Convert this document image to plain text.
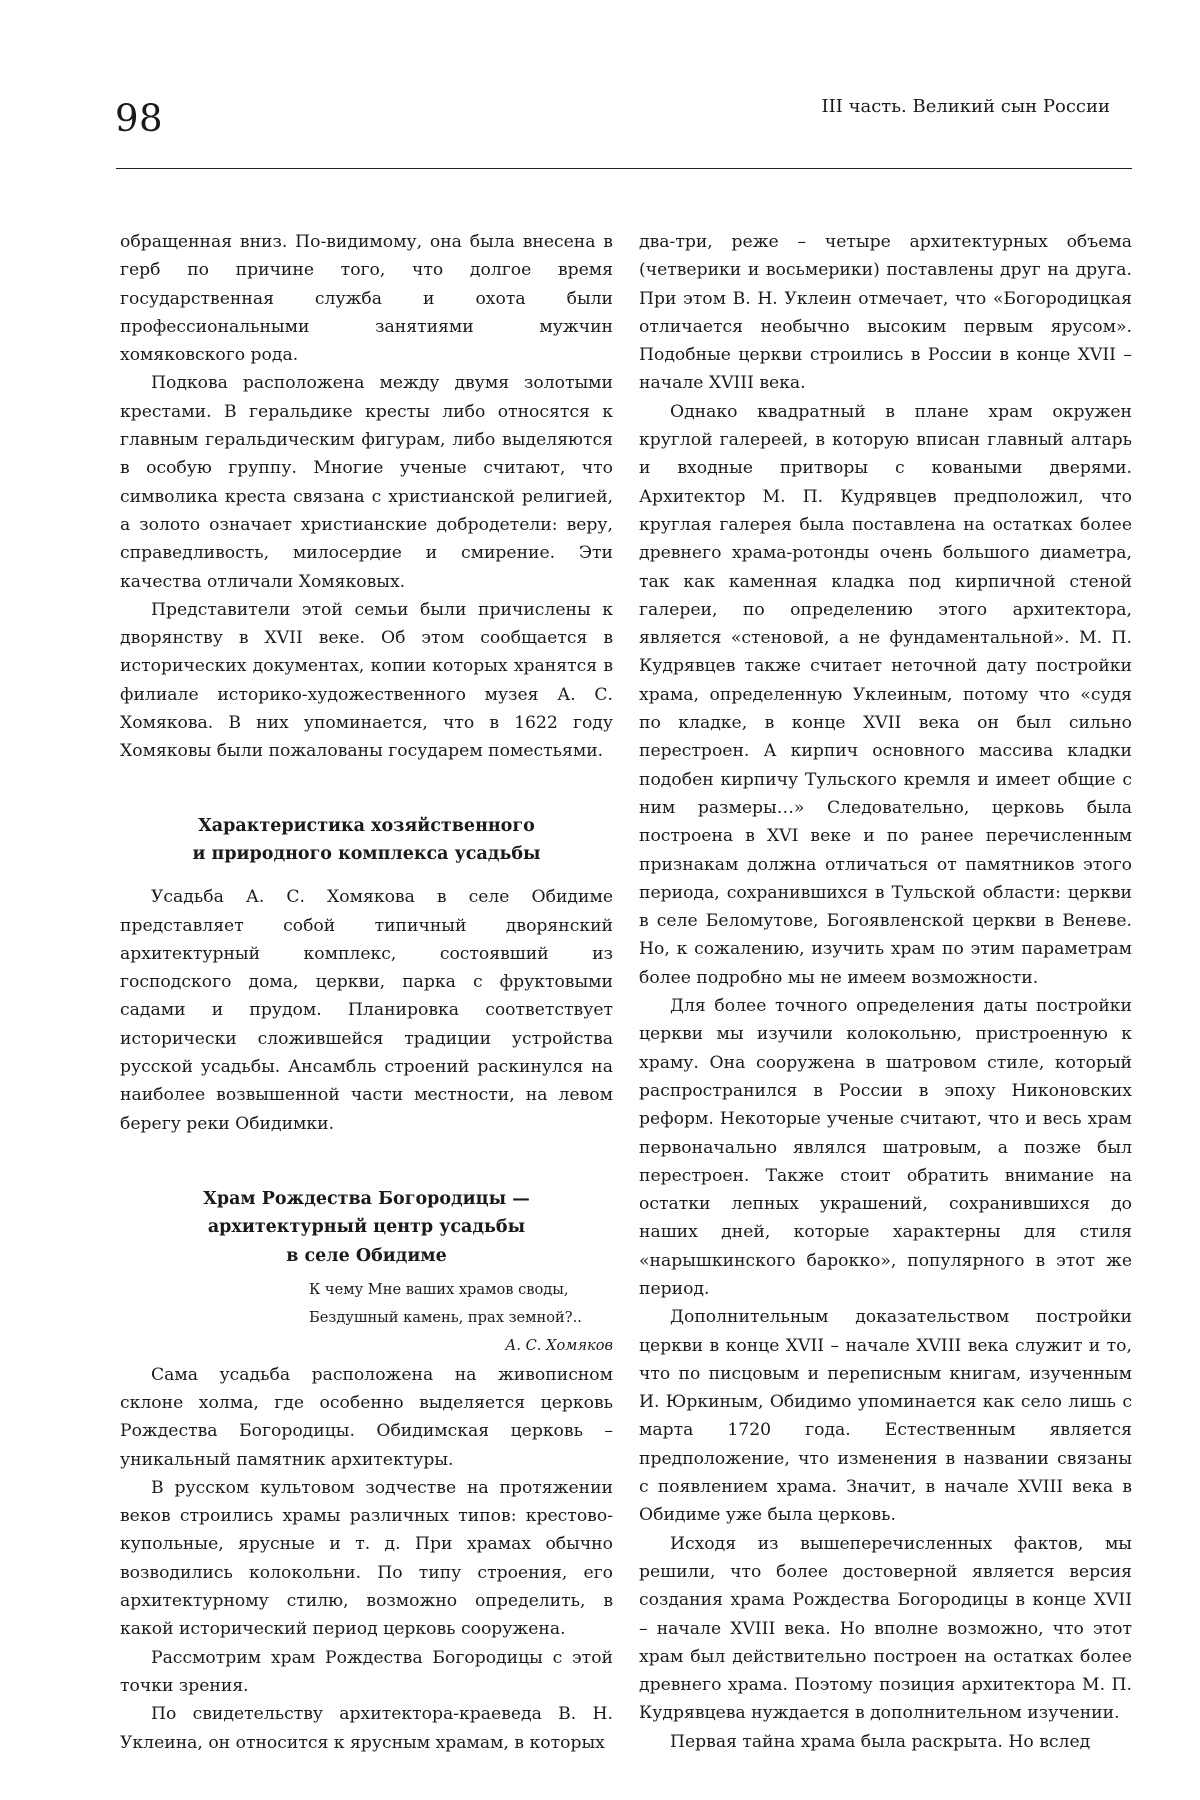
98	III часть. Великий сын России

обращенная вниз. По-видимому, она была внесена в герб по причине того, что долгое время государственная служба и охота были профессиональными занятиями мужчин хомяковского рода.

Подкова расположена между двумя золотыми крестами. В геральдике кресты либо относятся к главным геральдическим фигурам, либо выделяются в особую группу. Многие ученые считают, что символика креста связана с христианской религией, а золото означает христианские добродетели: веру, справедливость, милосердие и смирение. Эти качества отличали Хомяковых.

Представители этой семьи были причислены к дворянству в XVII веке. Об этом сообщается в исторических документах, копии которых хранятся в филиале историко-художественного музея А. С. Хомякова. В них упоминается, что в 1622 году Хомяковы были пожалованы государем поместьями.

Характеристика хозяйственного
и природного комплекса усадьбы

Усадьба А. С. Хомякова в селе Обидиме представляет собой типичный дворянский архитектурный комплекс, состоявший из господского дома, церкви, парка с фруктовыми садами и прудом. Планировка соответствует исторически сложившейся традиции устройства русской усадьбы. Ансамбль строений раскинулся на наиболее возвышенной части местности, на левом берегу реки Обидимки.

Храм Рождества Богородицы —
архитектурный центр усадьбы
в селе Обидиме

К чему Мне ваших храмов своды,

Бездушный камень, прах земной?..

А. С. Хомяков

Сама усадьба расположена на живописном склоне холма, где особенно выделяется церковь Рождества Богородицы. Обидимская церковь – уникальный памятник архитектуры.

В русском культовом зодчестве на протяжении веков строились храмы различных типов: крестово-купольные, ярусные и т. д. При храмах обычно возводились колокольни. По типу строения, его архитектурному стилю, возможно определить, в какой исторический период церковь сооружена.

Рассмотрим храм Рождества Богородицы с этой точки зрения.

По свидетельству архитектора-краеведа В. Н. Уклеина, он относится к ярусным храмам, в которых

два-три, реже – четыре архитектурных объема (четверики и восьмерики) поставлены друг на друга. При этом В. Н. Уклеин отмечает, что «Богородицкая отличается необычно высоким первым ярусом». Подобные церкви строились в России в конце XVII – начале XVIII века.

Однако квадратный в плане храм окружен круглой галереей, в которую вписан главный алтарь и входные притворы с коваными дверями. Архитектор М. П. Кудрявцев предположил, что круглая галерея была поставлена на остатках более древнего храма-ротонды очень большого диаметра, так как каменная кладка под кирпичной стеной галереи, по определению этого архитектора, является «стеновой, а не фундаментальной». М. П. Кудрявцев также считает неточной дату постройки храма, определенную Уклеиным, потому что «судя по кладке, в конце XVII века он был сильно перестроен. А кирпич основного массива кладки подобен кирпичу Тульского кремля и имеет общие с ним размеры…» Следовательно, церковь была построена в XVI веке и по ранее перечисленным признакам должна отличаться от памятников этого периода, сохранившихся в Тульской области: церкви в селе Беломутове, Богоявленской церкви в Веневе. Но, к сожалению, изучить храм по этим параметрам более подробно мы не имеем возможности.

Для более точного определения даты постройки церкви мы изучили колокольню, пристроенную к храму. Она сооружена в шатровом стиле, который распространился в России в эпоху Никоновских реформ. Некоторые ученые считают, что и весь храм первоначально являлся шатровым, а позже был перестроен. Также стоит обратить внимание на остатки лепных украшений, сохранившихся до наших дней, которые характерны для стиля «нарышкинского барокко», популярного в этот же период.

Дополнительным доказательством постройки церкви в конце XVII – начале XVIII века служит и то, что по писцовым и переписным книгам, изученным И. Юркиным, Обидимо упоминается как село лишь с марта 1720 года. Естественным является предположение, что изменения в названии связаны с появлением храма. Значит, в начале XVIII века в Обидиме уже была церковь.

Исходя из вышеперечисленных фактов, мы решили, что более достоверной является версия создания храма Рождества Богородицы в конце XVII – начале XVIII века. Но вполне возможно, что этот храм был действительно построен на остатках более древнего храма. Поэтому позиция архитектора М. П. Кудрявцева нуждается в дополнительном изучении.

Первая тайна храма была раскрыта. Но вслед
